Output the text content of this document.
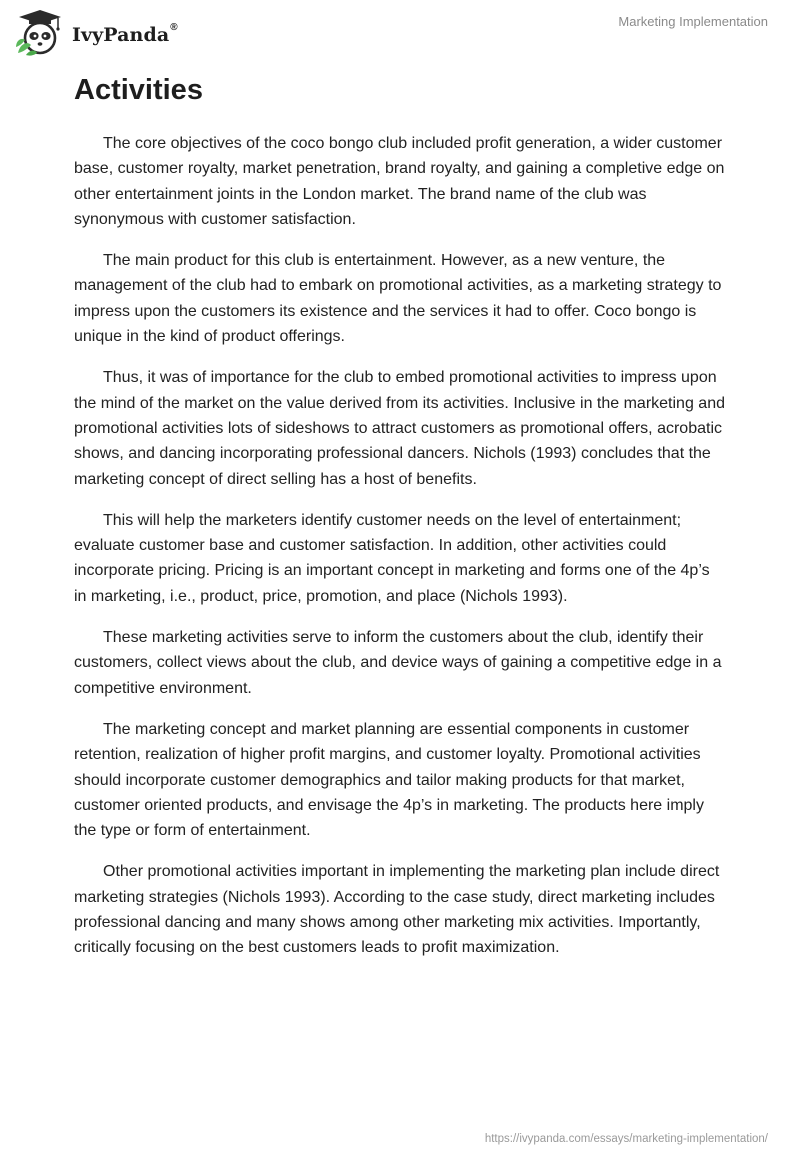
IvyPanda®	Marketing Implementation
Activities

The core objectives of the coco bongo club included profit generation, a wider customer base, customer royalty, market penetration, brand royalty, and gaining a completive edge on other entertainment joints in the London market. The brand name of the club was synonymous with customer satisfaction.

The main product for this club is entertainment. However, as a new venture, the management of the club had to embark on promotional activities, as a marketing strategy to impress upon the customers its existence and the services it had to offer. Coco bongo is unique in the kind of product offerings.

Thus, it was of importance for the club to embed promotional activities to impress upon the mind of the market on the value derived from its activities. Inclusive in the marketing and promotional activities lots of sideshows to attract customers as promotional offers, acrobatic shows, and dancing incorporating professional dancers. Nichols (1993) concludes that the marketing concept of direct selling has a host of benefits.

This will help the marketers identify customer needs on the level of entertainment; evaluate customer base and customer satisfaction. In addition, other activities could incorporate pricing. Pricing is an important concept in marketing and forms one of the 4p’s in marketing, i.e., product, price, promotion, and place (Nichols 1993).

These marketing activities serve to inform the customers about the club, identify their customers, collect views about the club, and device ways of gaining a competitive edge in a competitive environment.

The marketing concept and market planning are essential components in customer retention, realization of higher profit margins, and customer loyalty. Promotional activities should incorporate customer demographics and tailor making products for that market, customer oriented products, and envisage the 4p’s in marketing. The products here imply the type or form of entertainment.

Other promotional activities important in implementing the marketing plan include direct marketing strategies (Nichols 1993). According to the case study, direct marketing includes professional dancing and many shows among other marketing mix activities. Importantly, critically focusing on the best customers leads to profit maximization.

https://ivypanda.com/essays/marketing-implementation/
